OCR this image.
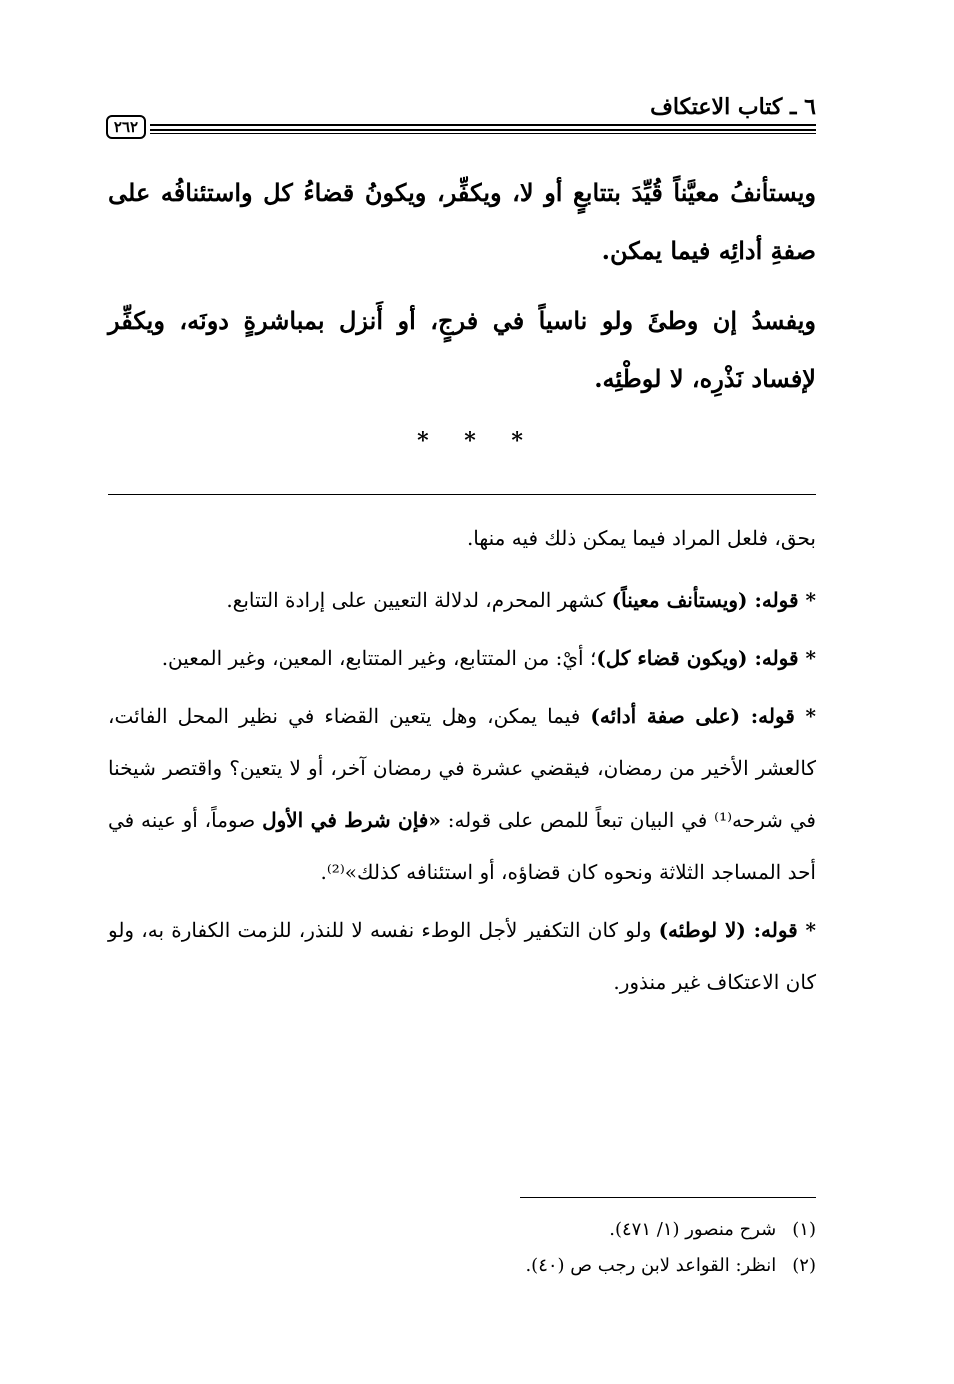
٦ ـ كتاب الاعتكاف
٢٦٢

ويستأنفُ معيَّناً قُيِّدَ بتتابعٍ أو لا، ويكفِّر، ويكونُ قضاءُ كل واستئنافُه على صفةِ أدائِه فيما يمكن.

ويفسدُ إن وطئَ ولو ناسياً في فرجٍ، أو أَنزل بمباشرةٍ دونَه، ويكفِّر لإفساد نَذْرِه، لا لوطْئِه.

* * *

بحق، فلعل المراد فيما يمكن ذلك فيه منها.

* قوله: (ويستأنف معيناً) كشهر المحرم، لدلالة التعيين على إرادة التتابع.

* قوله: (ويكون قضاء كل)؛ أيْ: من المتتابع، وغير المتتابع، المعين، وغير المعين.

* قوله: (على صفة أدائه) فيما يمكن، وهل يتعين القضاء في نظير المحل الفائت، كالعشر الأخير من رمضان، فيقضي عشرة في رمضان آخر، أو لا يتعين؟ واقتصر شيخنا في شرحه⁽¹⁾ في البيان تبعاً للمص على قوله: «فإن شرط في الأول صوماً، أو عينه في أحد المساجد الثلاثة ونحوه كان قضاؤه، أو استئنافه كذلك»⁽²⁾.

* قوله: (لا لوطئه) ولو كان التكفير لأجل الوطء نفسه لا للنذر، للزمت الكفارة به، ولو كان الاعتكاف غير منذور.

(١) شرح منصور (١/ ٤٧١).
(٢) انظر: القواعد لابن رجب ص (٤٠).
